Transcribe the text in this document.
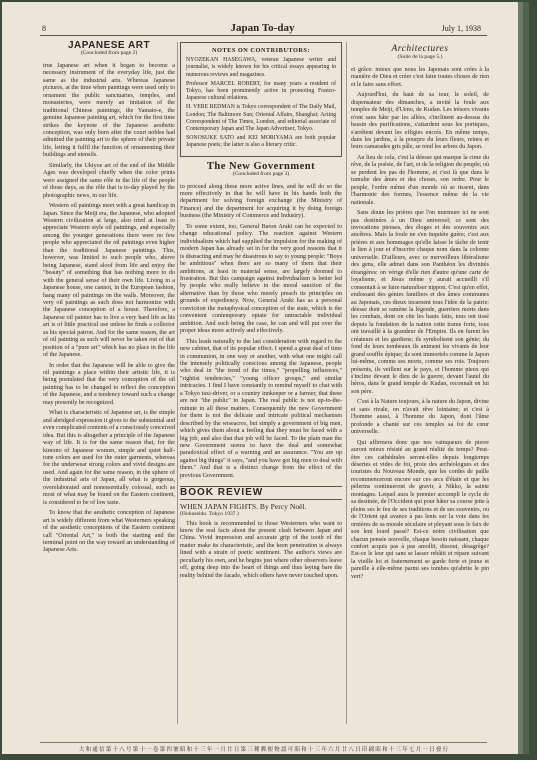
8	Japan To-day	July 1, 1938
JAPANESE ART
(Concluded from page 2)

true Japanese art when it began to become a necessary instrument of the everyday life, just the same as the industrial arts. Whereas Japanese pictures, at the time when paintings were used only to ornament the public sanctuaries, temples, and monasteries, were merely an imitation of the traditional Chinese paintings, the Yamato-e, the genuine Japanese painting art, which for the first time strikes the keynote of the Japanese aesthetic conception, was only born after the court nobles had admitted the painting art to the sphere of their private life, letting it fulfil the function of ornamenting their buildings and utensils.

Similarly, the Ukiyoe art of the end of the Middle Ages was developed chiefly when the color prints were assigned the same rôle in the life of the people of those days, as the rôle that is to-day played by the photographic news, in our life.

Western oil paintings meet with a great handicap in Japan. Since the Meiji era, the Japanese, who adopted Western civilization at large, also tried at least to appreciate Western style oil paintings, and especially among the younger generations there were no few people who appreciated the oil paintings even higher than the traditional Japanese paintings. This, however, was limited to such people who, above being Japanese, stand aloof from life and enjoy the "beauty" of something that has nothing more to do with the general sense of their own life. Living in a Japanese house, one cannot, in the European fashion, hang many oil paintings on the walls. Moreover, the very oil paintings as such does not harmonize with the Japanese conception of a house. Therefore, a Japanese oil painter has to live a very hard life as his art is of little practical use unless he finds a collector as his special patron. And for the same reason, the art of oil painting as such will never be taken out of that position of a "pure art" which has no place in the life of the Japanese.

In order that the Japanese will be able to give the oil paintings a place within their artistic life, it is being postulated that the very conception of the oil painting has to be changed to reflect the conception of the Japanese, and a tendency toward such a change may presently be recognized.

What is characteristic of Japanese art, is the simple and abridged expression it gives to the substantial and even complicated contents of a consciously conceived idea. But this is altogether a principle of the Japanese way of life. It is for the same reason that, for the kimono of Japanese women, simple and quiet half-tone colors are used for the outer garments, whereas for the underwear strong colors and vivid designs are used. And again for the same reason, in the sphere of the industrial arts of Japan, all what is gorgeous, overelaborated and nonessentially colossal, such as most of what may be found on the Eastern continent, is considered to be of low taste.

To know that the aesthetic conception of Japanese art is widely different from what Westerners speaking of the aesthetic conceptions of the Eastern continent call "Oriental Art," is both the starting and the terminal point on the way toward an understanding of Japanese Arts.

NOTES ON CONTRIBUTORS:

NYOZEKAN HASEGAWA, veteran Japanese writer and journalist, is widely known for his critical essays appearing in numerous reviews and magazines.

Professor MARCEL ROBERT, for many years a resident of Tokyo, has been prominently active in promoting Franco-Japanese cultural relations.

H. VERE REDMAN is Tokyo correspondent of The Daily Mail, London; The Baltimore Sun; Oriental Affairs, Shanghai; Acting Correspondent of The Times, London, and editorial associate of Contemporary Japan and The Japan Advertiser, Tokyo.

SONOSUKE SATO and KEI MORIYAMA are both popular Japanese poets; the latter is also a literary critic.

The New Government
(Concluded from page 3)

to proceed along these more active lines, and he will do so the more effectively in that he will have in his hands both the department for solving foreign exchange (the Ministry of Finance) and the department for acquiring it by doing foreign business (the Ministry of Commerce and Industry).

To some extent, too, General Baron Araki can be expected to change educational policy. The reaction against Western individualism which had supplied the impulsion for the making of modern Japan has already set in for the very good reasons that it is distracting and may be disastrous to say to young people: "Boys be ambitious" when there are so many of them that their ambitions, at least in material sense, are largely doomed to frustration. But this campaign against individualism is better led by people who really believe in the moral sanction of the alternative than by those who merely preach its principles on grounds of expediency. Now, General Araki has as a personal conviction the metaphysical conception of the state, which is the convenient contemporary opiate for untractable individual ambition. And such being the case, he can and will put over the proper ideas more actively and effectively.

This leads naturally to the last consideration with regard to the new cabinet, that of its popular effect. I spend a great deal of time in communion, in one way or another, with what one might call the intensely politically conscious among the Japanese, people who deal in "the trend of the times," "propelling influences," "rightist tendencies," "young officer groups," and similar intricacies. I find I have constantly to remind myself to chat with a Tokyo taxi-driver, or a country innkeeper or a farmer, that these are not "the public" in Japan. The real public is not up-to-the-minute in all these matters. Consequently the new Government for them is not the delicate and intricate political mechanism described by the wiseacres, but simply a government of big men, which gives them about a feeling that they must be faced with a big job, and also that that job will be faced. To the plain man the new Government seems to have the deal and somewhat paradoxical effect of a warning and an assurance. "You are up against big things" it says, "and you have got big men to deal with them." And that is a distinct change from the effect of the previous Government.

BOOK REVIEW
WHEN JAPAN FIGHTS. By Percy Noël.
(Hokuseido. Tokyo 1937.)

This book is recommended to those Westerners who want to know the real facts about the present clash between Japan and China. Vivid impression and accurate grip of the tooth of the matter make its characteristic, and the keen penetration is always lined with a strain of poetic sentiment. The author's views are peculiarly his own, and he begins just where other observers leave off, going deep into the heart of things and thus laying bare the reality behind the facade, which others have never touched upon.

Architectures
(Suite de la page 5.)

et grâce: mieux que nous les Japonais sont crées à la manière de Dieu et créer c'est faire toutes choses de rien et le faire sans effort.

Aujourd'hui, du haut de sa tour, le soleil, de dispensateur des dimanches, a invité la foule aux temples de Meiji, d'Ueno, de Kudan. Les trésors vivants n'ont sans hâte par les allées, s'inclinent au-dessus du bassin des purifications, s'attardent sous les portiques, s'arrêtent devant les effigies encrés. En même temps, dans les jardins, à la pourpre du leurs fleurs, reines et leurs camarades gris pâle, se rend les arbres du Japon.

Au lieu de cela, c'est la déesse qui marque la cime du rêve, de la poésie, de l'art, et de la religion du peuple; où se perdent les pas de l'homme, et c'est là que dans le tumulte des âmes et des choses, son ordre. Pour le peuple, l'ordre même d'un monde où se tissent, dans l'harmonie des formes, l'essence même de la vie nationale.

Sans doute les prières que l'on murmure ici ne sont pas destinées à un Dieu universel; ce sont des invocations pieuses, des éloges et des souvenirs aux ancêtres. Mais la foule ne s'en inquiète guère; c'est aux prières et aux hommages qu'elle laisse le tâche de tenir le lien à jour et d'inscrire chaque nom dans la colonne universelle. D'ailleurs, avec ce merveilleux libéralisme des gens, elle admet dans son Panthéon les divinités étrangères: on vérige d'elle rien d'autre qu'une carte de loyalisme, et Jésus même y aurait accueilli s'il consentait à se faire naturaliser nippon. C'est qu'en effet, endossant des génies familiers et des âmes communes au Japonais, ces dieux incarnent tous l'idée de la patrie: déesse dont se ramène la légende, guerriers morts dans les combats, dont on cite les hauts faits, tous ont tissé depuis la fondation de la nation cette trame forte, tous ont travaillé à la grandeur de l'Empire. Ils en furent les créateurs et les gardiens; ils symbolisent son génie; du fond de leurs tombeaux ils animent les vivants de leur grand souffle épique; ils sont immortels comme le Japon lui-même, comme ses morts, comme ses rois. Toujours présents, ils veillent sur le pays, et l'homme pieux qui s'incline devant le dieu de la guerre, devant l'autel du héros, dans le grand temple de Kudan, reconnaît en lui son père.

C'est à la Nature toujours, à la nature du Japon, divine et sans rivale, on n'avait rêve lointaine; et c'est à l'homme aussi, à l'homme du Japon, dont l'âme profonde a chanté sur ces temples sa foi de cœur universelle.

Qui affirmera donc que nos vainqueurs de pierre auront mieux résisté au grand réalité du temps? Peut-être ces cathédrales seront-elles depuis longtemps désertes et vides de foi, proie des archéologues et des touristes du Nouveau Monde, que les cordes de paille recommenceront encore sur ces arcs d'étain et que les pèlerins continueront de gravir, à Nikko, la sainte montagne. Lequel aura le premier accompli le cycle de sa destinée, de l'Occident qui pour hâter sa course jette à pleins ses le feu de ses traditions et de ses souvenirs, ou de l'Orient qui avance à pas lents sur la voie dans les ornières de sa morale séculaire et pleyant sous le faix de son lent lourd passé? Est-ce notre civilisation que chacun pensée nouvelle, chaque besoin naissant, chaque confort acquis pas à pas amollit, dissout, désagrège? Est-ce le leur qui sans se lasser rebâtit et répare suivant la vieille loi et fraternement se garde forte et jeune et pareille à elle-même parmi ses tombes qu'abrite le pin vert?

大 和 通 信 第 十 八 号 第 十 一 卷 第 四 號 昭 和 十 三 年 一 月 廿 日 第 三 種 郵 便 物 認 可 昭 和 十 三 年 六 月 廿 八 日 印 刷 昭 和 十 三 年 七 月 一 日 發 行
